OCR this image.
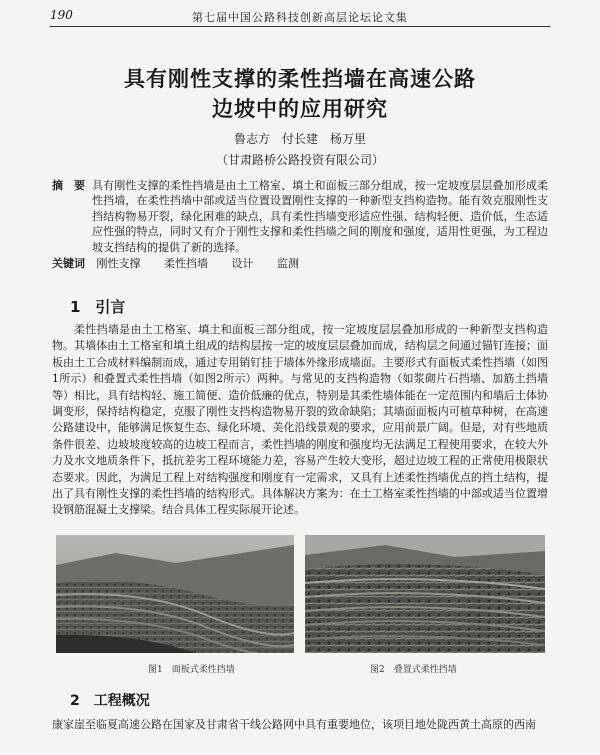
190	第七届中国公路科技创新高层论坛论文集
具有刚性支撑的柔性挡墙在高速公路
边坡中的应用研究
鲁志方　付长建　杨万里
（甘肃路桥公路投资有限公司）
摘　要 具有刚性支撑的柔性挡墙是由土工格室、填土和面板三部分组成，按一定坡度层层叠加形成柔性挡墙，在柔性挡墙中部或适当位置设置刚性支撑的一种新型支挡构造物。能有效克服刚性支挡结构物易开裂，绿化困难的缺点，具有柔性挡墙变形适应性强、结构轻便、造价低，生态适应性强的特点，同时又有介于刚性支撑和柔性挡墙之间的刚度和强度，适用性更强，为工程边坡支挡结构的提供了新的选择。
关键词 刚性支撑 柔性挡墙 设计 监测
1　引言

柔性挡墙是由土工格室、填土和面板三部分组成，按一定坡度层层叠加形成的一种新型支挡构造物。其墙体由土工格室和填土组成的结构层按一定的坡度层层叠加而成，结构层之间通过锚钉连接；面板由土工合成材料编制而成，通过专用销钉挂于墙体外缘形成墙面。主要形式有面板式柔性挡墙（如图1所示）和叠置式柔性挡墙（如图2所示）两种。与常见的支挡构造物（如浆砌片石挡墙、加筋土挡墙等）相比，具有结构轻、施工简便、造价低廉的优点，特别是其柔性墙体能在一定范围内和墙后土体协调变形，保持结构稳定，克服了刚性支挡构造物易开裂的致命缺陷；其墙面面板内可植草种树，在高速公路建设中，能够满足恢复生态、绿化环境、美化沿线景观的要求，应用前景广阔。但是，对有些地质条件很差、边坡坡度较高的边坡工程而言，柔性挡墙的刚度和强度均无法满足工程使用要求，在较大外力及水文地质条件下，抵抗差劣工程环境能力差，容易产生较大变形，超过边坡工程的正常使用极限状态要求。因此，为满足工程上对结构强度和刚度有一定需求，又具有上述柔性挡墙优点的挡土结构，提出了具有刚性支撑的柔性挡墙的结构形式。具体解决方案为：在土工格室柔性挡墙的中部或适当位置增设钢筋混凝土支撑梁。结合具体工程实际展开论述。

图1　面板式柔性挡墙	图2　叠置式柔性挡墙
2　工程概况
康家崖至临夏高速公路在国家及甘肃省干线公路网中具有重要地位，该项目地处陇西黄土高原的西南
